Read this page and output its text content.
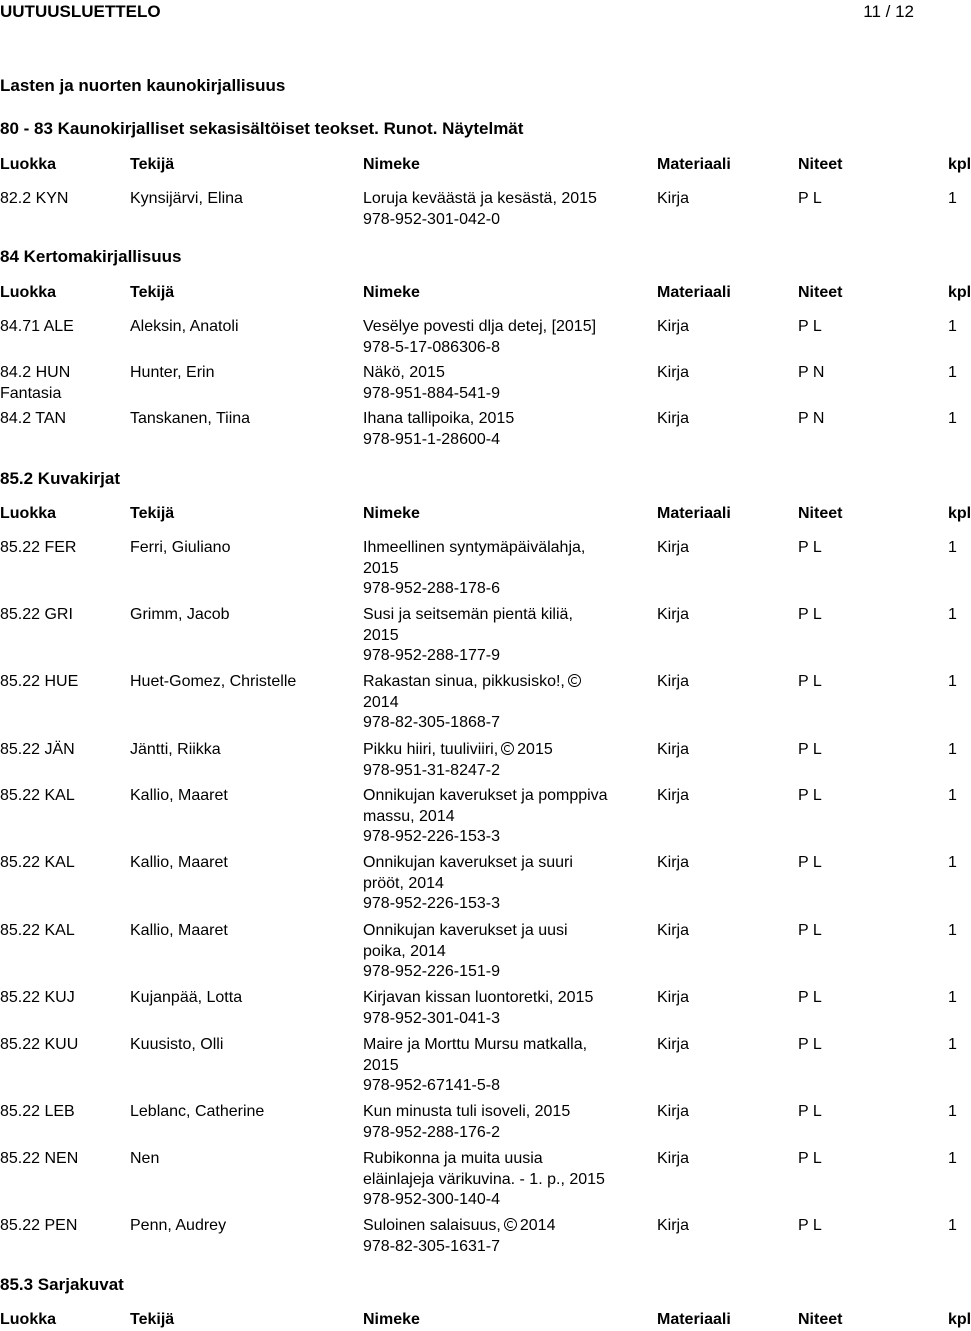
UUTUUSLUETTELO	11 / 12
Lasten ja nuorten kaunokirjallisuus
80 - 83 Kaunokirjalliset sekasisältöiset teokset. Runot. Näytelmät
Luokka	Tekijä	Nimeke	Materiaali	Niteet	kpl
84 Kertomakirjallisuus
Luokka	Tekijä	Nimeke	Materiaali	Niteet	kpl
85.2 Kuvakirjat
Luokka	Tekijä	Nimeke	Materiaali	Niteet	kpl
85.3 Sarjakuvat
Luokka	Tekijä	Nimeke	Materiaali	Niteet	kpl
82.2 KYN	Kynsijärvi, Elina	Loruja keväästä ja kesästä, 2015
978-952-301-042-0
Kirja	P L	1
84.71 ALE	Aleksin, Anatoli	Vesëlye povesti dlja detej, [2015]
978-5-17-086306-8
Kirja	P L	1
84.2 HUN
Fantasia
Hunter, Erin	Näkö, 2015
978-951-884-541-9
Kirja	P N	1
84.2 TAN	Tanskanen, Tiina	Ihana tallipoika, 2015
978-951-1-28600-4
Kirja	P N	1
85.22 FER	Ferri, Giuliano	Ihmeellinen syntymäpäivälahja,
2015
978-952-288-178-6
Kirja	P L	1
85.22 GRI	Grimm, Jacob	Susi ja seitsemän pientä kiliä,
2015
978-952-288-177-9
Kirja	P L	1
85.22 HUE	Huet-Gomez, Christelle	Rakastan sinua, pikkusisko!,
2014
978-82-305-1868-7
Kirja	P L	1
85.22 JÄN	Jäntti, Riikka	Pikku hiiri, tuuliviiri, 2015
978-951-31-8247-2
Kirja	P L	1
85.22 KAL	Kallio, Maaret	Onnikujan kaverukset ja pomppiva
massu, 2014
978-952-226-153-3
Kirja	P L	1
85.22 KAL	Kallio, Maaret	Onnikujan kaverukset ja suuri
prööt, 2014
978-952-226-153-3
Kirja	P L	1
85.22 KAL	Kallio, Maaret	Onnikujan kaverukset ja uusi
poika, 2014
978-952-226-151-9
Kirja	P L	1
85.22 KUJ	Kujanpää, Lotta	Kirjavan kissan luontoretki, 2015
978-952-301-041-3
Kirja	P L	1
85.22 KUU	Kuusisto, Olli	Maire ja Morttu Mursu matkalla,
2015
978-952-67141-5-8
Kirja	P L	1
85.22 LEB	Leblanc, Catherine	Kun minusta tuli isoveli, 2015
978-952-288-176-2
Kirja	P L	1
85.22 NEN	Nen	Rubikonna ja muita uusia
eläinlajeja värikuvina. - 1. p., 2015
978-952-300-140-4
Kirja	P L	1
85.22 PEN	Penn, Audrey	Suloinen salaisuus, 2014
978-82-305-1631-7
Kirja	P L	1
